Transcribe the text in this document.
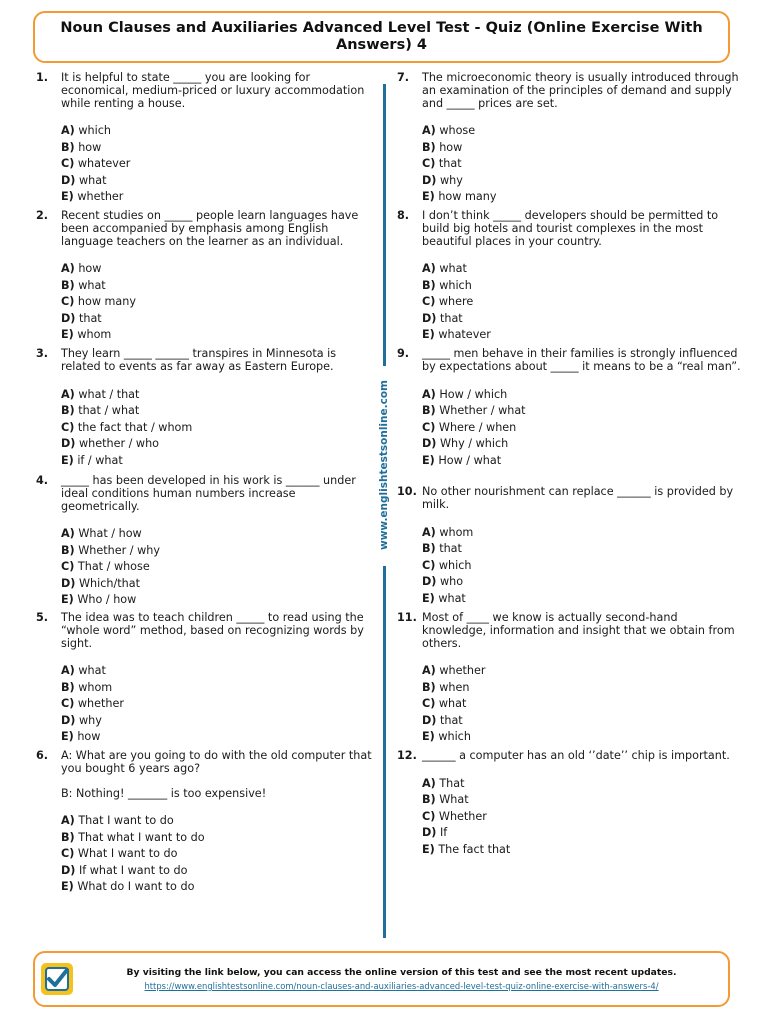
Noun Clauses and Auxiliaries Advanced Level Test - Quiz (Online Exercise With Answers) 4
1. It is helpful to state _____ you are looking for economical, medium-priced or luxury accommodation while renting a house.

A) which
B) how
C) whatever
D) what
E) whether
2. Recent studies on _____ people learn languages have been accompanied by emphasis among English language teachers on the learner as an individual.

A) how
B) what
C) how many
D) that
E) whom
3. They learn _____ ______ transpires in Minnesota is related to events as far away as Eastern Europe.

A) what / that
B) that / what
C) the fact that / whom
D) whether / who
E) if / what
4. _____ has been developed in his work is ______ under ideal conditions human numbers increase geometrically.

A) What / how
B) Whether / why
C) That / whose
D) Which/that
E) Who / how
5. The idea was to teach children _____ to read using the “whole word” method, based on recognizing words by sight.

A) what
B) whom
C) whether
D) why
E) how
6. A: What are you going to do with the old computer that you bought 6 years ago?

B: Nothing! _______ is too expensive!

A) That I want to do
B) That what I want to do
C) What I want to do
D) If what I want to do
E) What do I want to do
7. The microeconomic theory is usually introduced through an examination of the principles of demand and supply and _____ prices are set.

A) whose
B) how
C) that
D) why
E) how many
8. I don’t think _____ developers should be permitted to build big hotels and tourist complexes in the most beautiful places in your country.

A) what
B) which
C) where
D) that
E) whatever
9. _____ men behave in their families is strongly influenced by expectations about _____ it means to be a “real man”.

A) How / which
B) Whether / what
C) Where / when
D) Why / which
E) How / what
10. No other nourishment can replace ______ is provided by milk.

A) whom
B) that
C) which
D) who
E) what
11. Most of ____ we know is actually second-hand knowledge, information and insight that we obtain from others.

A) whether
B) when
C) what
D) that
E) which
12. ______ a computer has an old ‘’date’’ chip is important.

A) That
B) What
C) Whether
D) If
E) The fact that
www.englishtestsonline.com
By visiting the link below, you can access the online version of this test and see the most recent updates.
https://www.englishtestsonline.com/noun-clauses-and-auxiliaries-advanced-level-test-quiz-online-exercise-with-answers-4/
